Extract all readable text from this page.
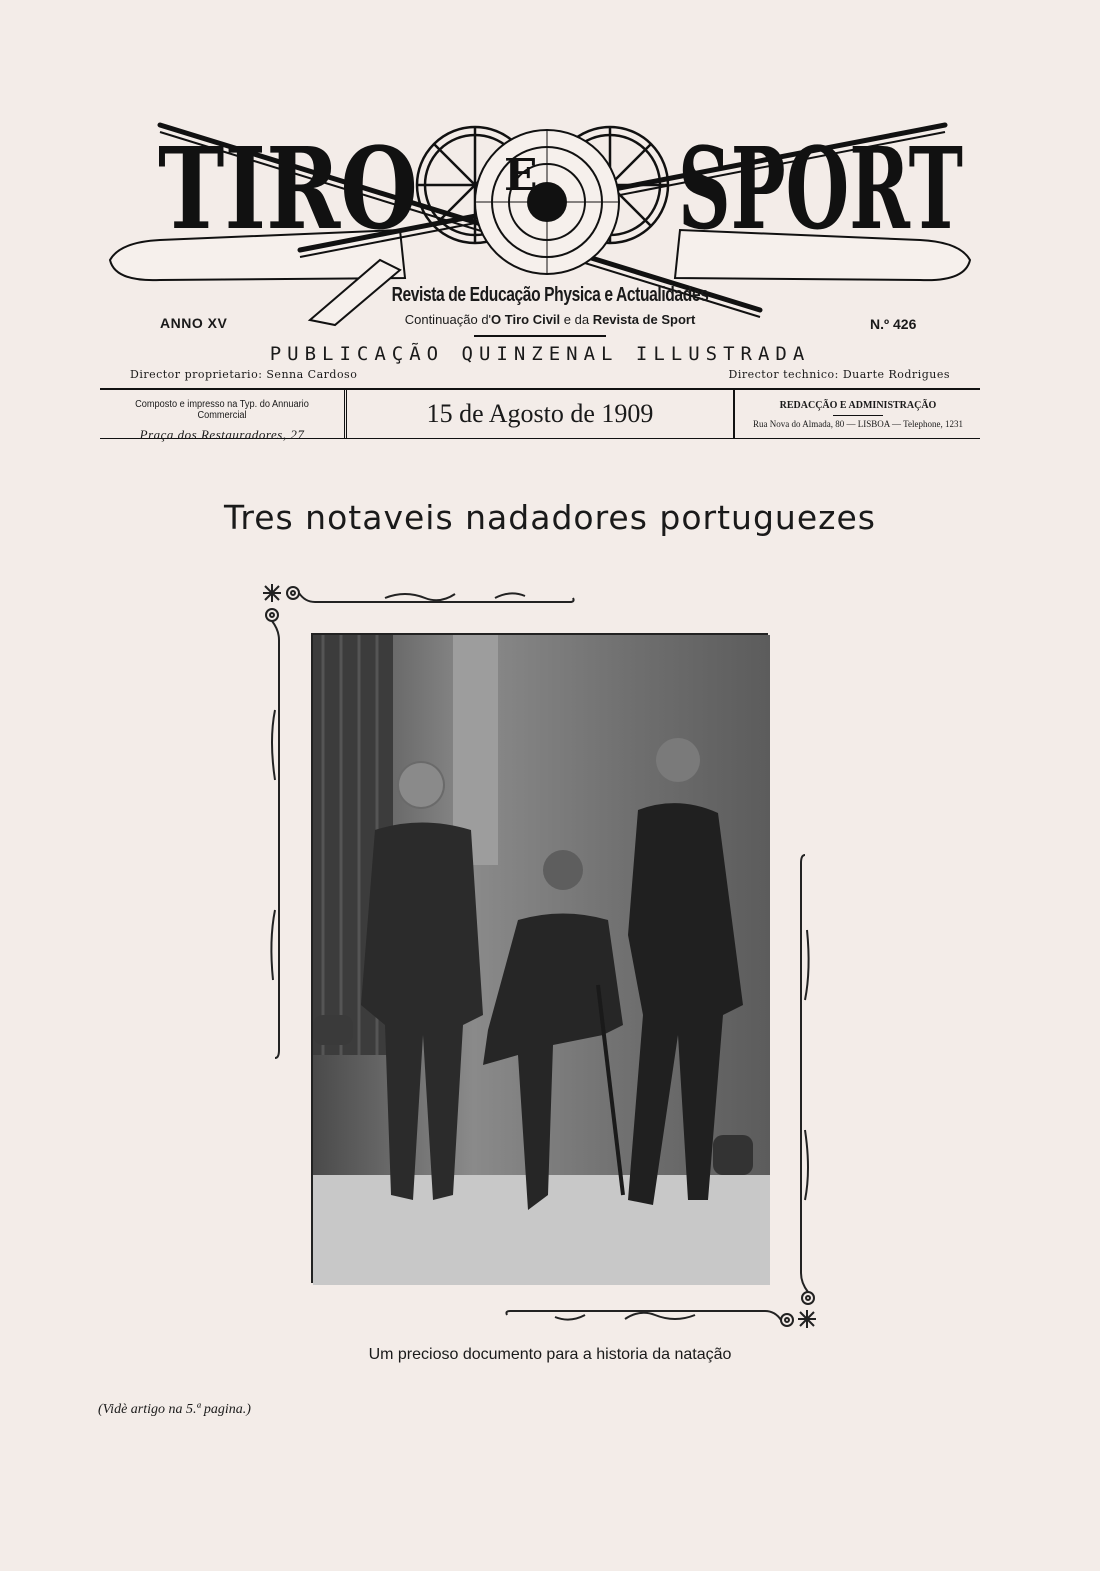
TIRO E SPORT
Revista de Educação Physica e Actualidades
Continuação d'O Tiro Civil e da Revista de Sport
ANNO XV	N.º 426
PUBLICAÇÃO QUINZENAL ILLUSTRADA
Director proprietario: Senna Cardoso	Director technico: Duarte Rodrigues
Composto e impresso na Typ. do Annuario Commercial
Praça dos Restauradores, 27
15 de Agosto de 1909	REDACÇÃO E ADMINISTRAÇÃO
Rua Nova do Almada, 80 — LISBOA — Telephone, 1231
Tres notaveis nadadores portuguezes
Um precioso documento para a historia da natação
(Vidè artigo na 5.ª pagina.)
